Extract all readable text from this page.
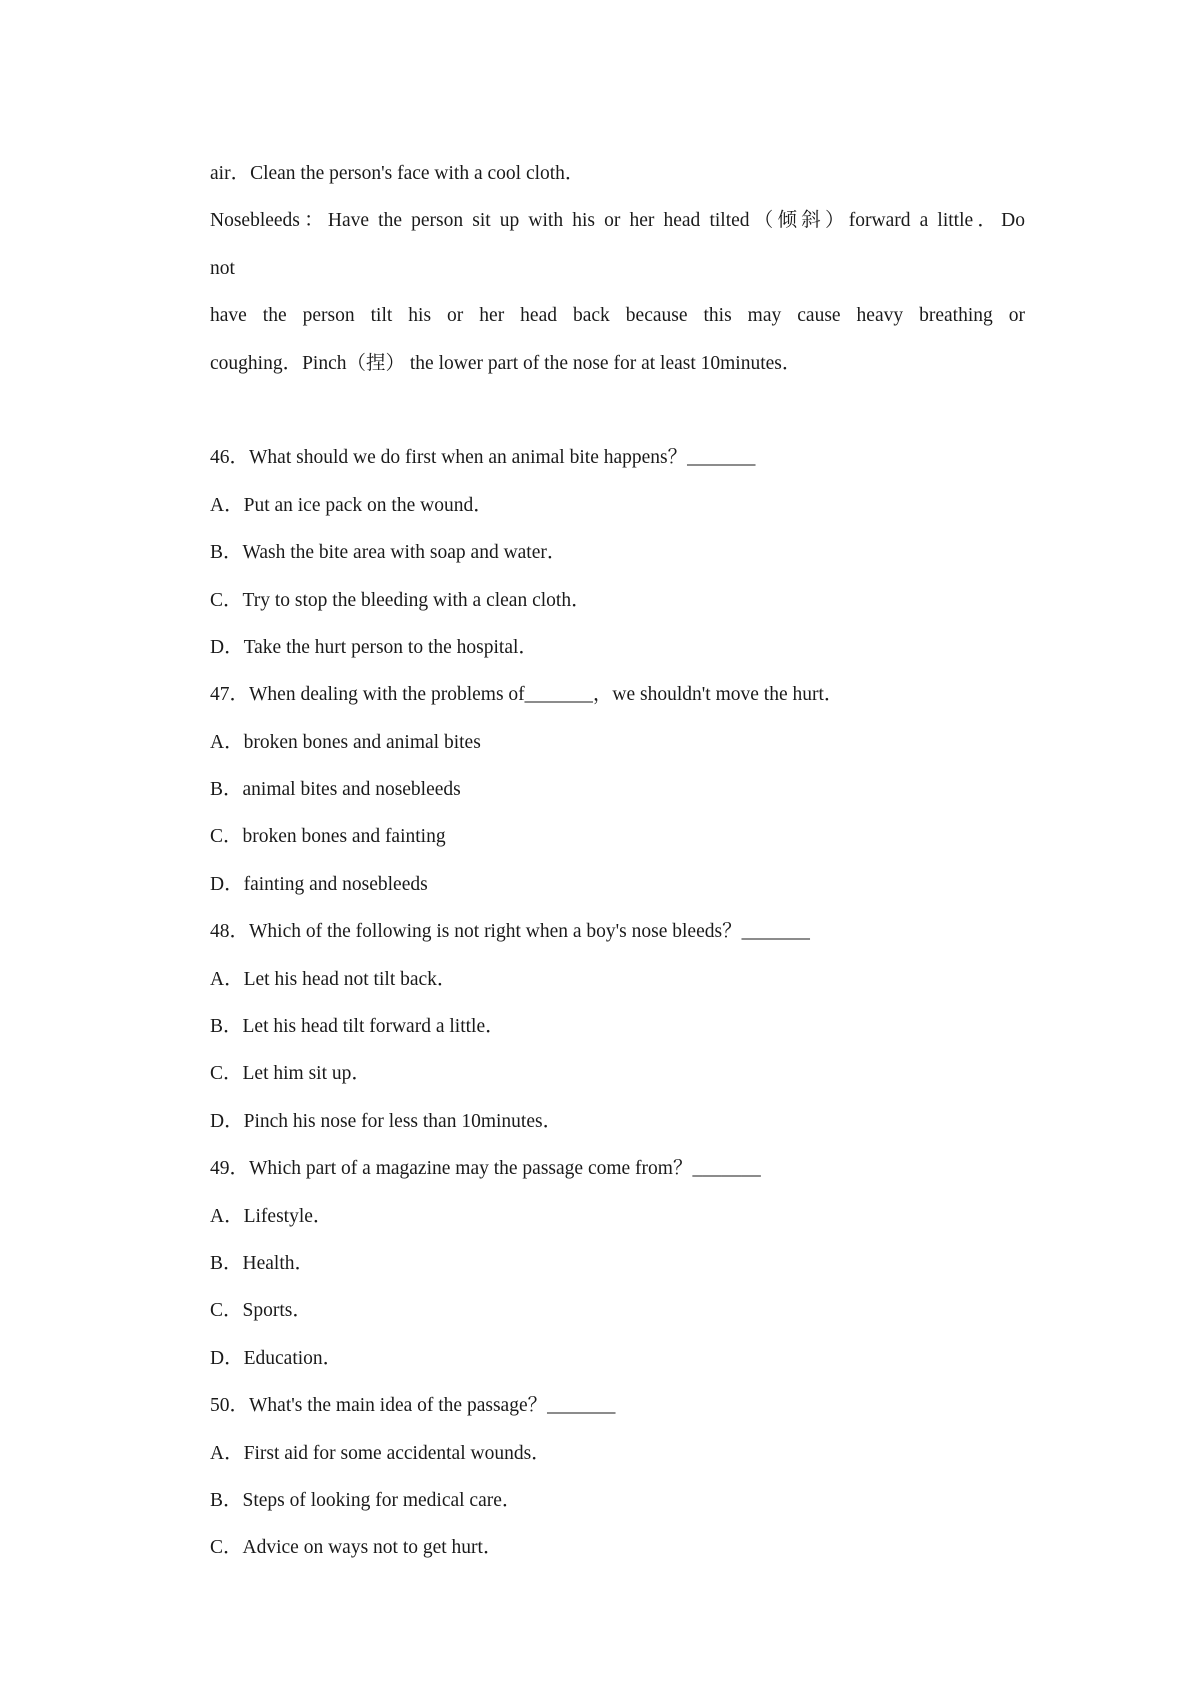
air．Clean the person's face with a cool cloth．
Nosebleeds：Have the person sit up with his or her head tilted（倾斜）forward a little．Do
not
have the person tilt his or her head back because this may cause heavy breathing or
coughing．Pinch（捏） the lower part of the nose for at least 10minutes．
46．What should we do first when an animal bite happens？_______
A．Put an ice pack on the wound．
B．Wash the bite area with soap and water．
C．Try to stop the bleeding with a clean cloth．
D．Take the hurt person to the hospital．
47．When dealing with the problems of_______，we shouldn't move the hurt．
A．broken bones and animal bites
B．animal bites and nosebleeds
C．broken bones and fainting
D．fainting and nosebleeds
48．Which of the following is not right when a boy's nose bleeds？_______
A．Let his head not tilt back．
B．Let his head tilt forward a little．
C．Let him sit up．
D．Pinch his nose for less than 10minutes．
49．Which part of a magazine may the passage come from？_______
A．Lifestyle．
B．Health．
C．Sports．
D．Education．
50．What's the main idea of the passage？_______
A．First aid for some accidental wounds．
B．Steps of looking for medical care．
C．Advice on ways not to get hurt．
